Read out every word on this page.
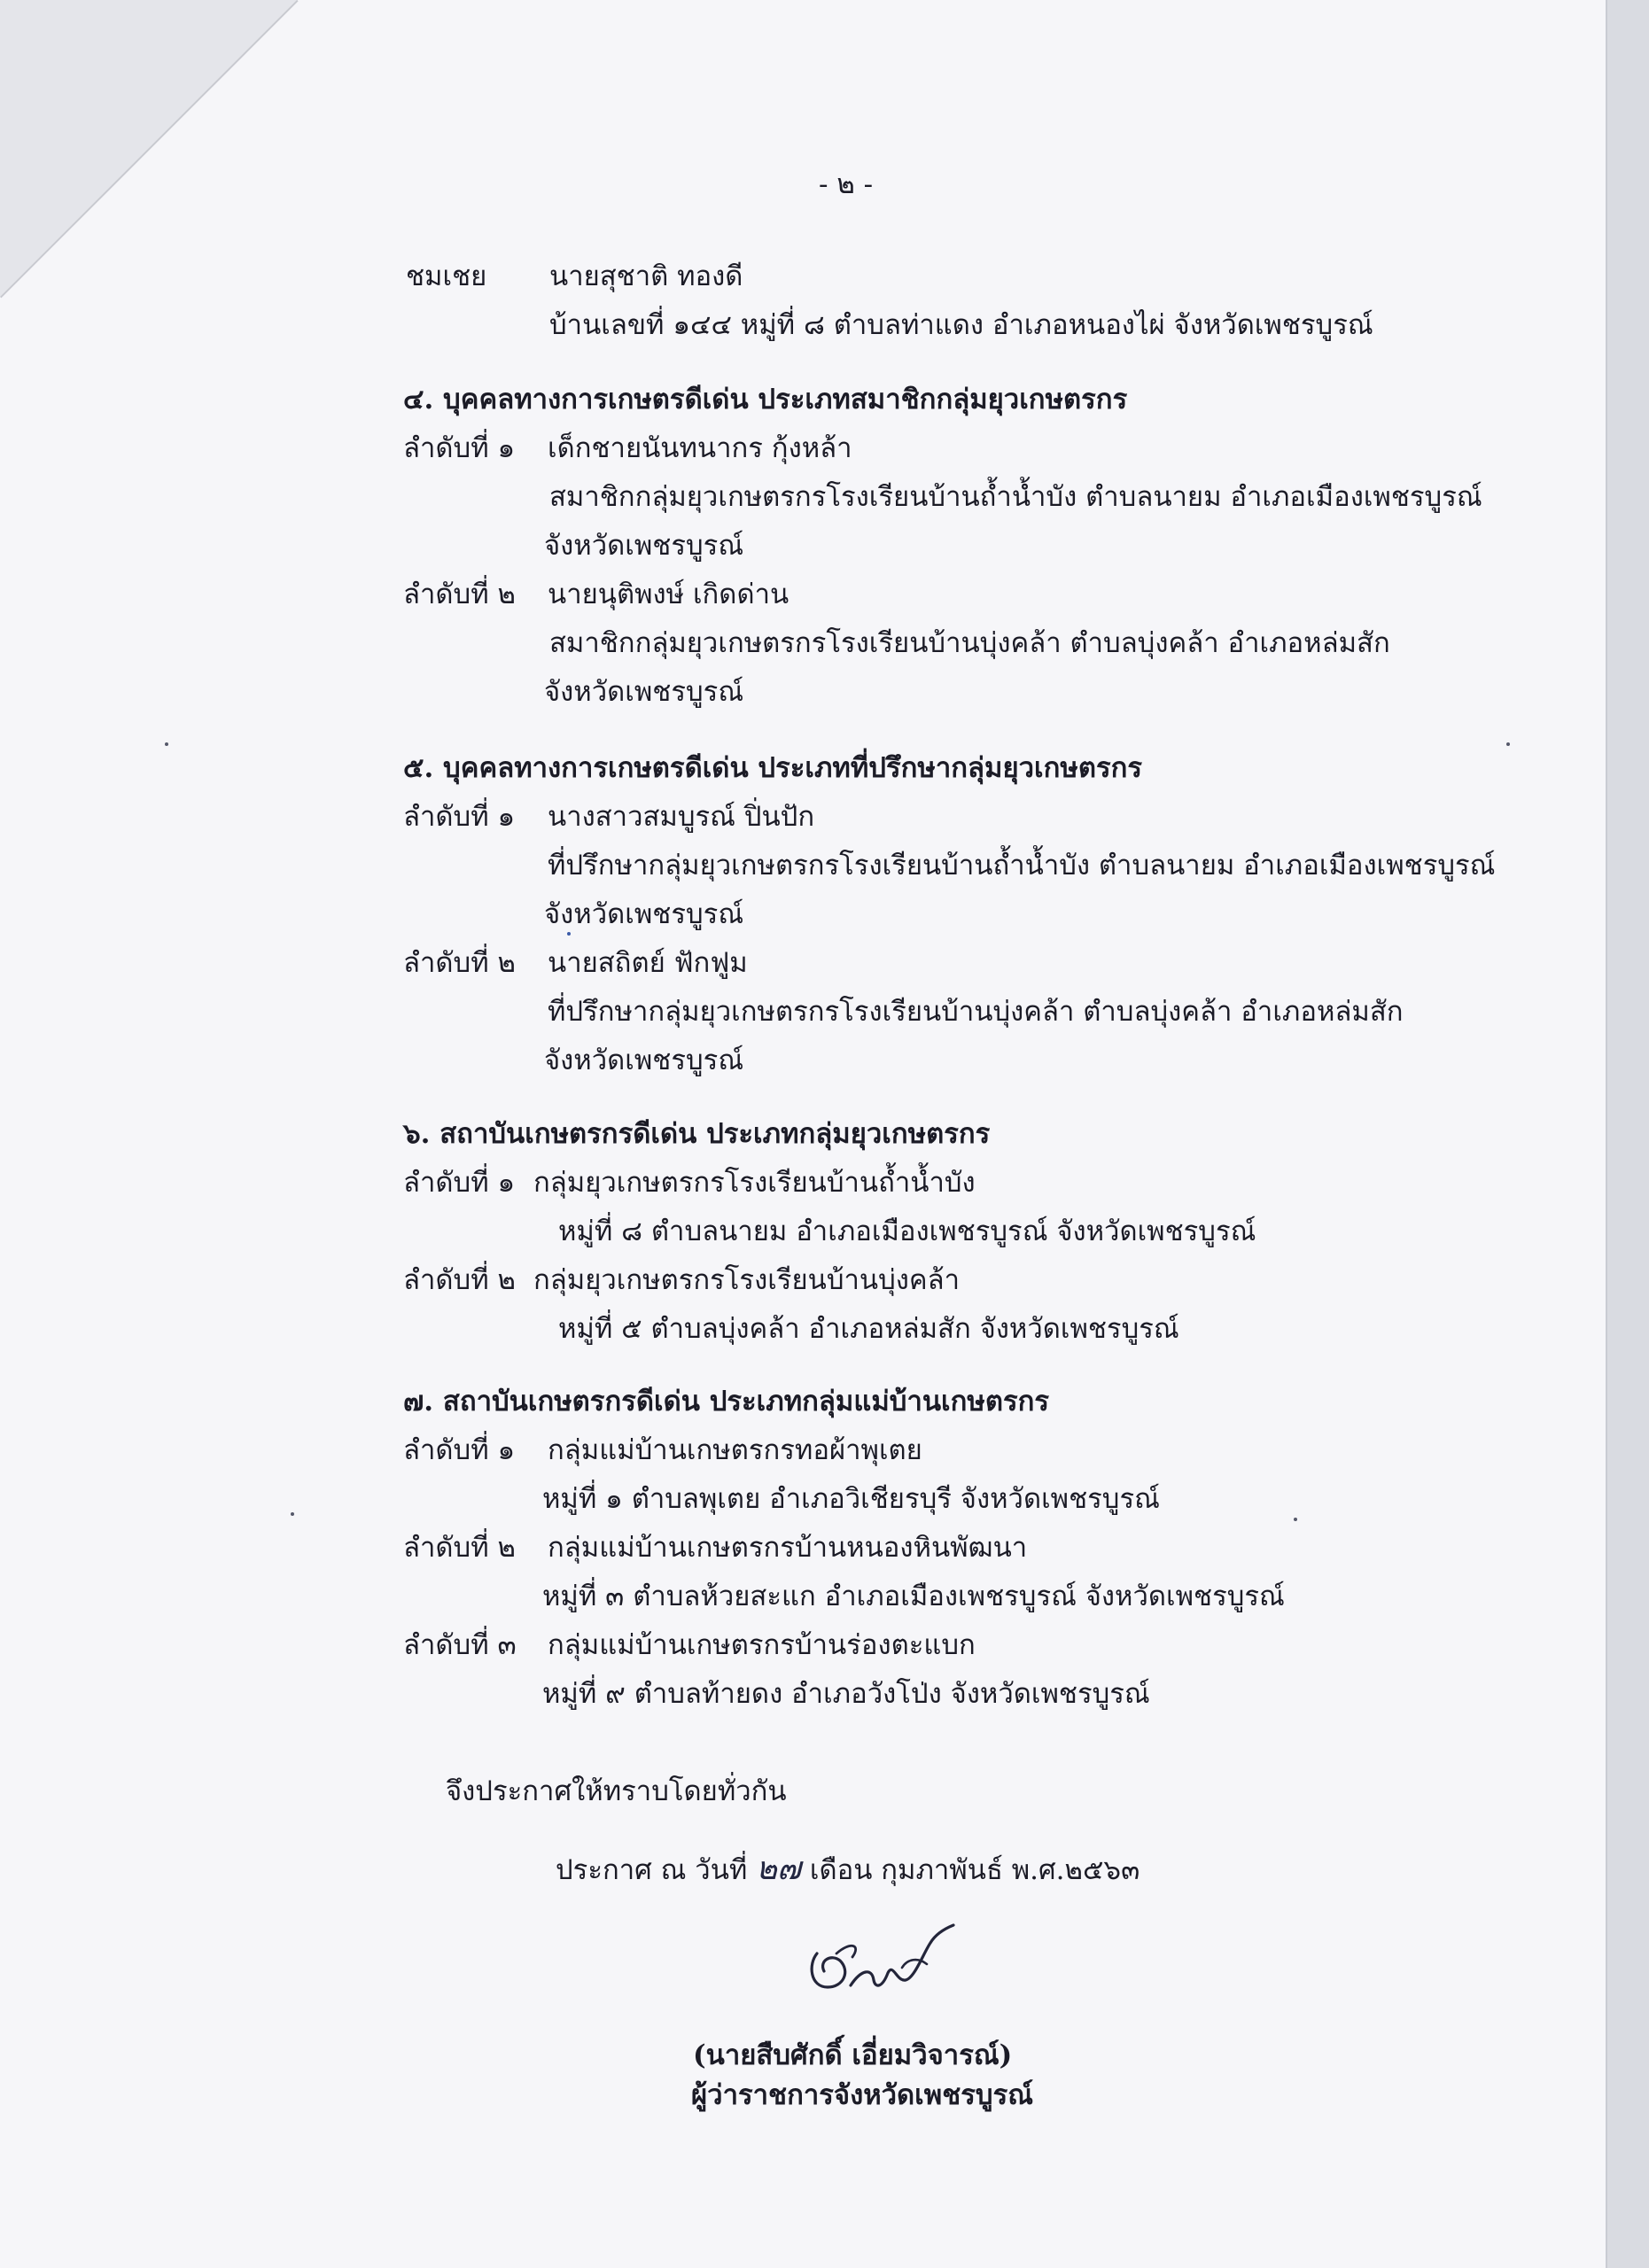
- ๒ -
ชมเชย นายสุชาติ ทองดี
บ้านเลขที่ ๑๔๔ หมู่ที่ ๘ ตำบลท่าแดง อำเภอหนองไผ่ จังหวัดเพชรบูรณ์
๔. บุคคลทางการเกษตรดีเด่น ประเภทสมาชิกกลุ่มยุวเกษตรกร
ลำดับที่ ๑ เด็กชายนันทนากร กุ้งหล้า
สมาชิกกลุ่มยุวเกษตรกรโรงเรียนบ้านถ้ำน้ำบัง ตำบลนายม อำเภอเมืองเพชรบูรณ์
จังหวัดเพชรบูรณ์
ลำดับที่ ๒ นายนุติพงษ์ เกิดด่าน
สมาชิกกลุ่มยุวเกษตรกรโรงเรียนบ้านบุ่งคล้า ตำบลบุ่งคล้า อำเภอหล่มสัก
จังหวัดเพชรบูรณ์
๕. บุคคลทางการเกษตรดีเด่น ประเภทที่ปรึกษากลุ่มยุวเกษตรกร
ลำดับที่ ๑ นางสาวสมบูรณ์ ปิ่นปัก
ที่ปรึกษากลุ่มยุวเกษตรกรโรงเรียนบ้านถ้ำน้ำบัง ตำบลนายม อำเภอเมืองเพชรบูรณ์
จังหวัดเพชรบูรณ์
ลำดับที่ ๒ นายสถิตย์ ฟักฟูม
ที่ปรึกษากลุ่มยุวเกษตรกรโรงเรียนบ้านบุ่งคล้า ตำบลบุ่งคล้า อำเภอหล่มสัก
จังหวัดเพชรบูรณ์
๖. สถาบันเกษตรกรดีเด่น ประเภทกลุ่มยุวเกษตรกร
ลำดับที่ ๑ กลุ่มยุวเกษตรกรโรงเรียนบ้านถ้ำน้ำบัง
หมู่ที่ ๘ ตำบลนายม อำเภอเมืองเพชรบูรณ์ จังหวัดเพชรบูรณ์
ลำดับที่ ๒ กลุ่มยุวเกษตรกรโรงเรียนบ้านบุ่งคล้า
หมู่ที่ ๕ ตำบลบุ่งคล้า อำเภอหล่มสัก จังหวัดเพชรบูรณ์
๗. สถาบันเกษตรกรดีเด่น ประเภทกลุ่มแม่บ้านเกษตรกร
ลำดับที่ ๑ กลุ่มแม่บ้านเกษตรกรทอผ้าพุเตย
หมู่ที่ ๑ ตำบลพุเตย อำเภอวิเชียรบุรี จังหวัดเพชรบูรณ์
ลำดับที่ ๒ กลุ่มแม่บ้านเกษตรกรบ้านหนองหินพัฒนา
หมู่ที่ ๓ ตำบลห้วยสะแก อำเภอเมืองเพชรบูรณ์ จังหวัดเพชรบูรณ์
ลำดับที่ ๓ กลุ่มแม่บ้านเกษตรกรบ้านร่องตะแบก
หมู่ที่ ๙ ตำบลท้ายดง อำเภอวังโป่ง จังหวัดเพชรบูรณ์
จึงประกาศให้ทราบโดยทั่วกัน
ประกาศ ณ วันที่ ๒๗ เดือน กุมภาพันธ์ พ.ศ.๒๕๖๓
(นายสืบศักดิ์ เอี่ยมวิจารณ์)
ผู้ว่าราชการจังหวัดเพชรบูรณ์
